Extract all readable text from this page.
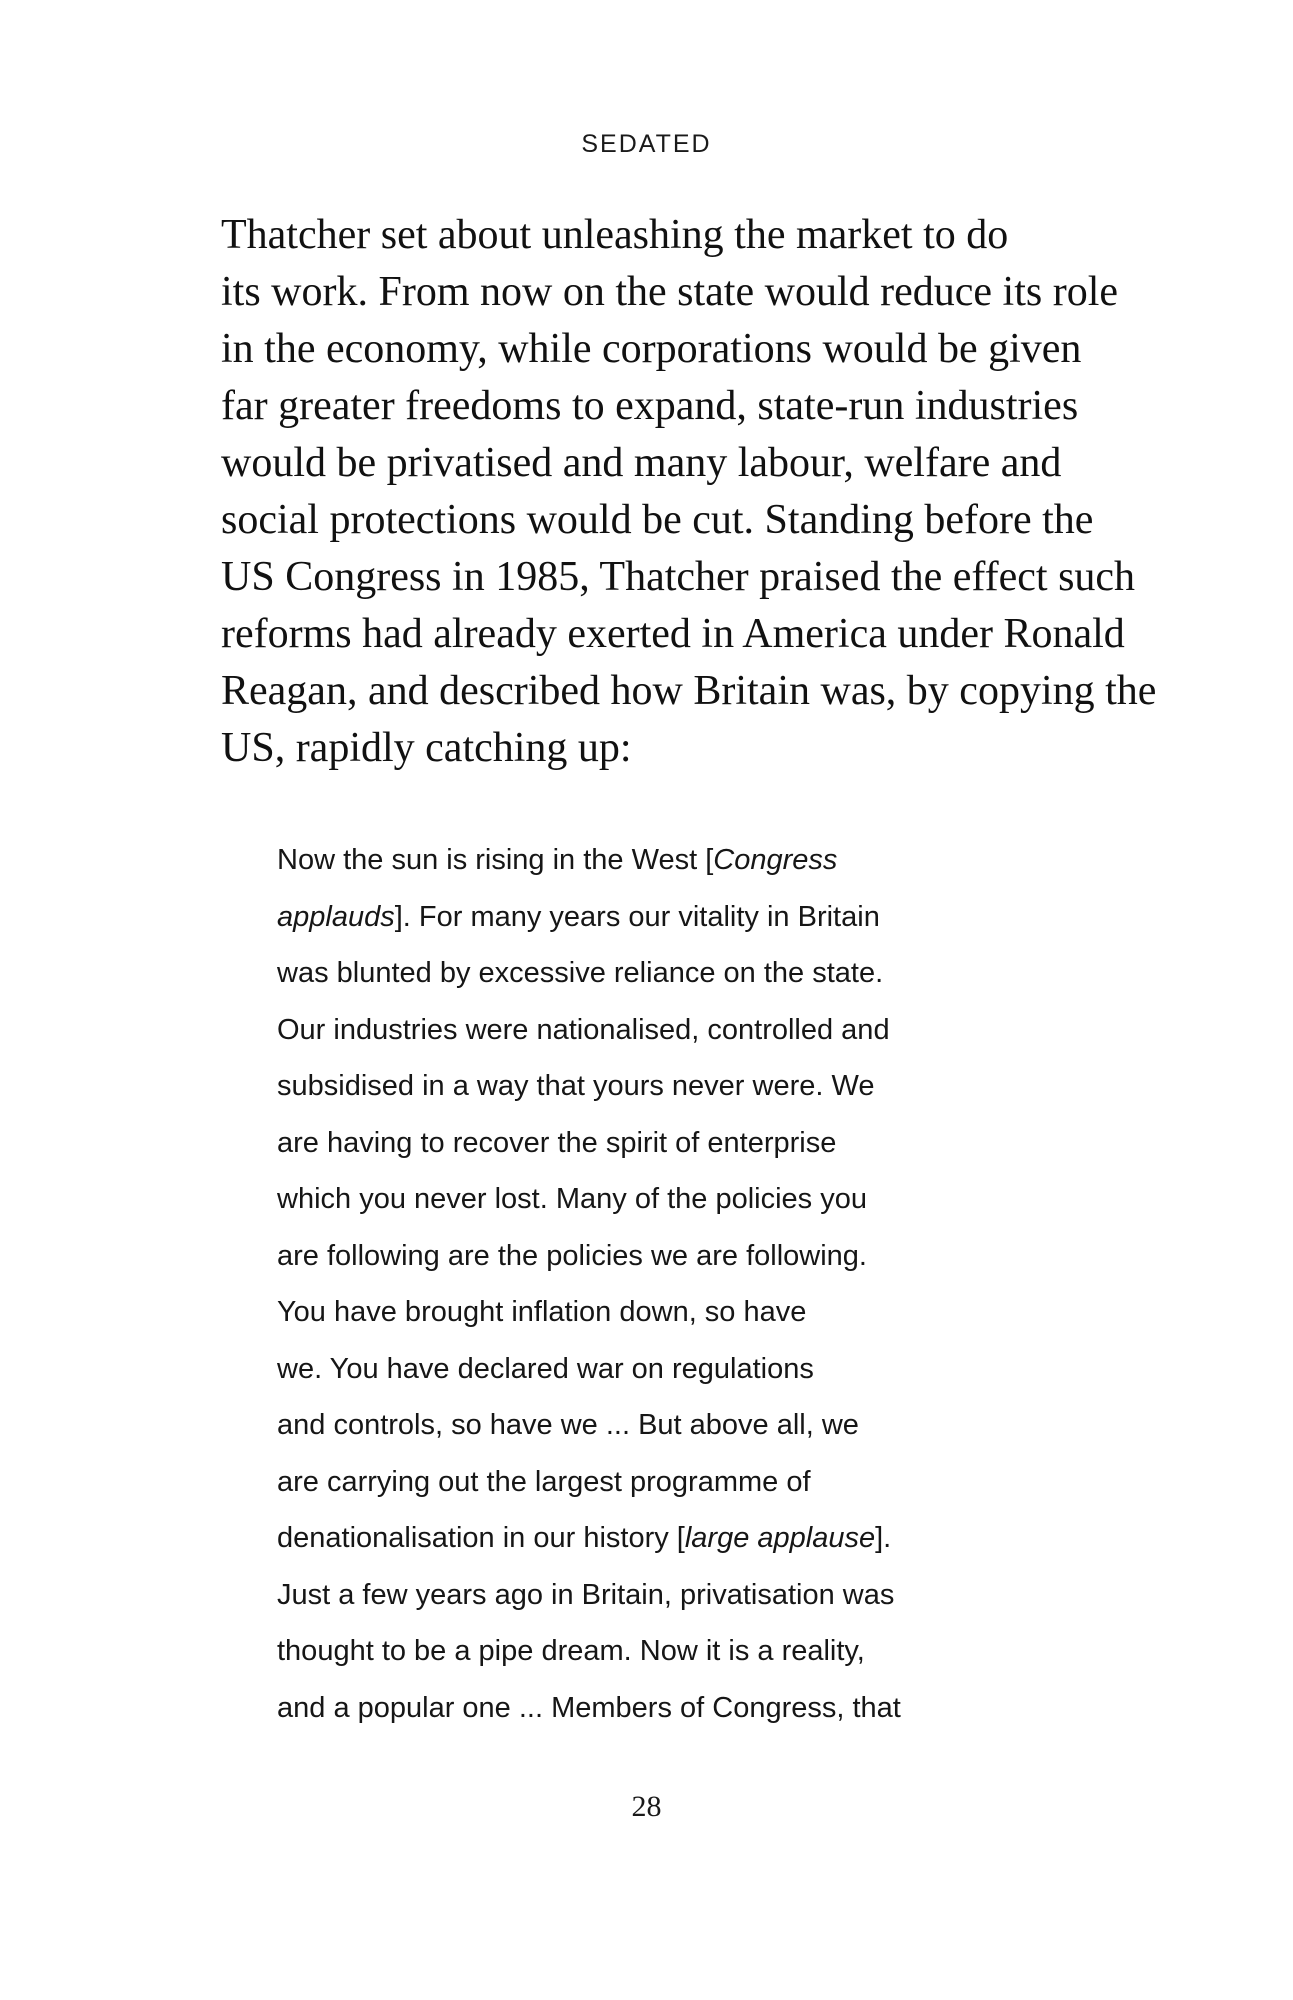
SEDATED
Thatcher set about unleashing the market to do
its work. From now on the state would reduce its role
in the economy, while corporations would be given
far greater freedoms to expand, state-run industries
would be privatised and many labour, welfare and
social protections would be cut. Standing before the
US Congress in 1985, Thatcher praised the effect such
reforms had already exerted in America under Ronald
Reagan, and described how Britain was, by copying the
US, rapidly catching up:
Now the sun is rising in the West [Congress
applauds]. For many years our vitality in Britain
was blunted by excessive reliance on the state.
Our industries were nationalised, controlled and
subsidised in a way that yours never were. We
are having to recover the spirit of enterprise
which you never lost. Many of the policies you
are following are the policies we are following.
You have brought inflation down, so have
we. You have declared war on regulations
and controls, so have we ... But above all, we
are carrying out the largest programme of
denationalisation in our history [large applause].
Just a few years ago in Britain, privatisation was
thought to be a pipe dream. Now it is a reality,
and a popular one ... Members of Congress, that
28
